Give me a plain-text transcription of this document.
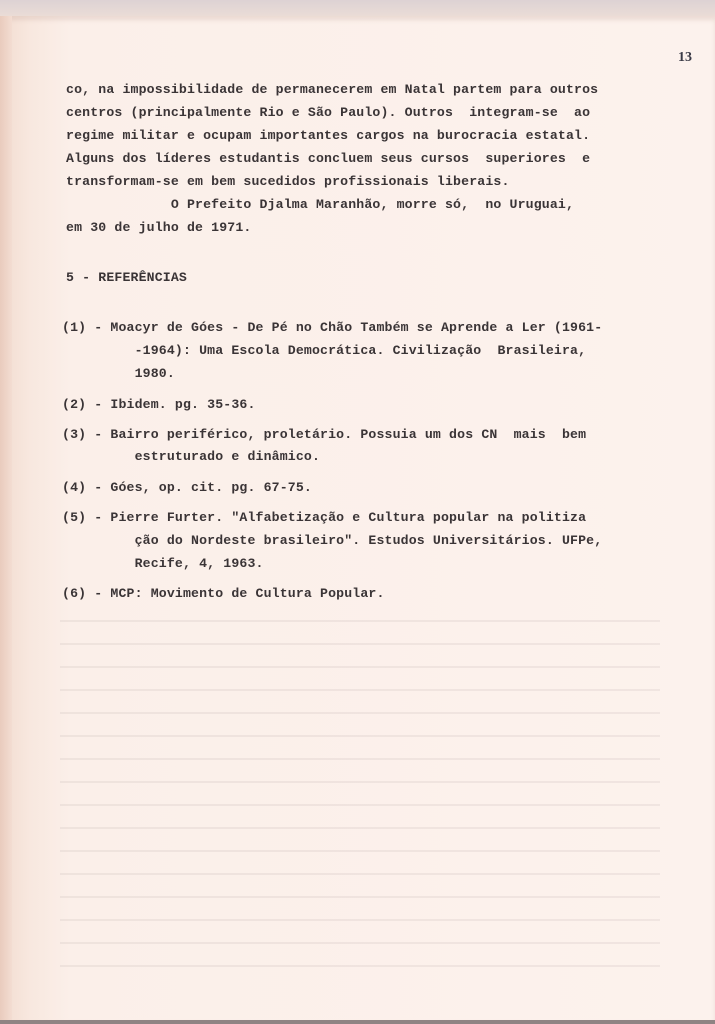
13
co, na impossibilidade de permanecerem em Natal partem para outros
centros (principalmente Rio e São Paulo). Outros  integram-se  ao
regime militar e ocupam importantes cargos na burocracia estatal.
Alguns dos líderes estudantis concluem seus cursos  superiores  e
transformam-se em bem sucedidos profissionais liberais.
O Prefeito Djalma Maranhão, morre só,  no Uruguai,
em 30 de julho de 1971.
5 - REFERÊNCIAS
(1) - Moacyr de Góes - De Pé no Chão Também se Aprende a Ler (1961-
-1964): Uma Escola Democrática. Civilização  Brasileira,
1980.
(2) - Ibidem. pg. 35-36.
(3) - Bairro periférico, proletário. Possuia um dos CN  mais  bem
estruturado e dinâmico.
(4) - Góes, op. cit. pg. 67-75.
(5) - Pierre Furter. "Alfabetização e Cultura popular na politiza
ção do Nordeste brasileiro". Estudos Universitários. UFPe,
Recife, 4, 1963.
(6) - MCP: Movimento de Cultura Popular.
